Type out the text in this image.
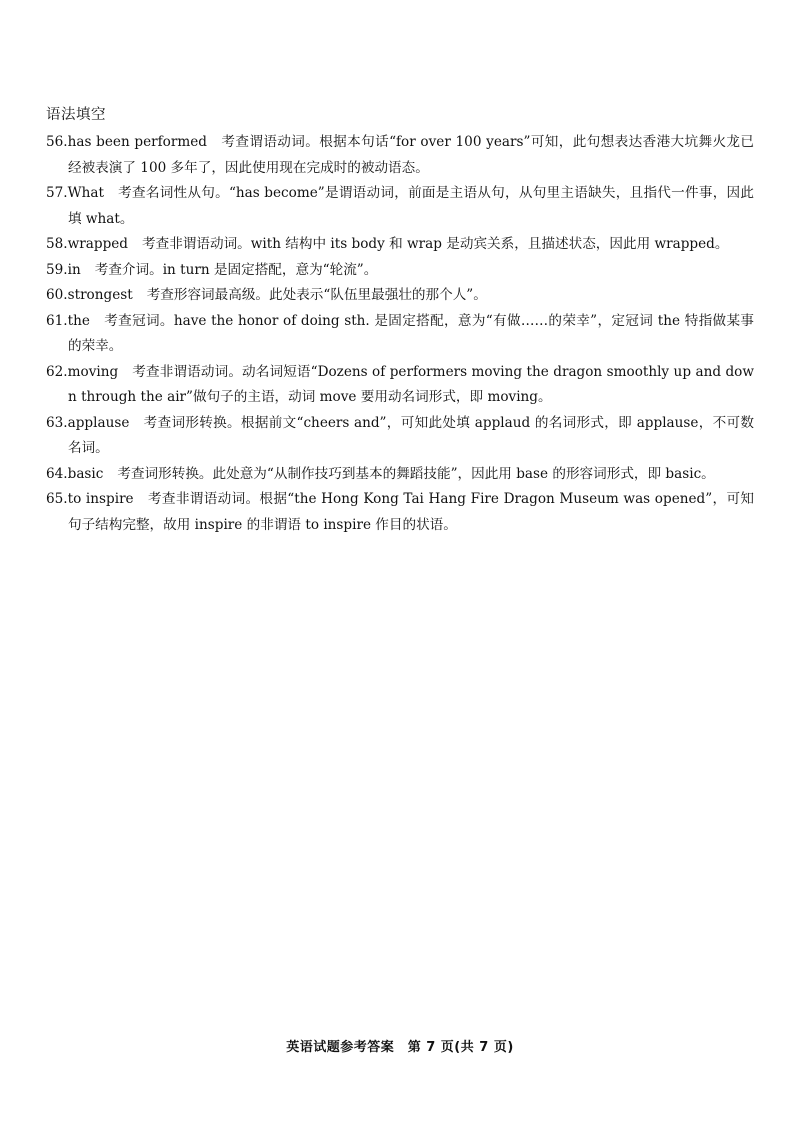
语法填空
56.has been performed 考查谓语动词。根据本句话“for over 100 years”可知，此句想表达香港大坑舞火龙已经被表演了 100 多年了，因此使用现在完成时的被动语态。
57.What 考查名词性从句。“has become”是谓语动词，前面是主语从句，从句里主语缺失，且指代一件事，因此填 what。
58.wrapped 考查非谓语动词。with 结构中 its body 和 wrap 是动宾关系，且描述状态，因此用 wrapped。
59.in 考查介词。in turn 是固定搭配，意为“轮流”。
60.strongest 考查形容词最高级。此处表示“队伍里最强壮的那个人”。
61.the 考查冠词。have the honor of doing sth. 是固定搭配，意为“有做……的荣幸”，定冠词 the 特指做某事的荣幸。
62.moving 考查非谓语动词。动名词短语“Dozens of performers moving the dragon smoothly up and down through the air”做句子的主语，动词 move 要用动名词形式，即 moving。
63.applause 考查词形转换。根据前文“cheers and”，可知此处填 applaud 的名词形式，即 applause，不可数名词。
64.basic 考查词形转换。此处意为“从制作技巧到基本的舞蹈技能”，因此用 base 的形容词形式，即 basic。
65.to inspire 考查非谓语动词。根据“the Hong Kong Tai Hang Fire Dragon Museum was opened”，可知句子结构完整，故用 inspire 的非谓语 to inspire 作目的状语。
英语试题参考答案　第 7 页(共 7 页)
